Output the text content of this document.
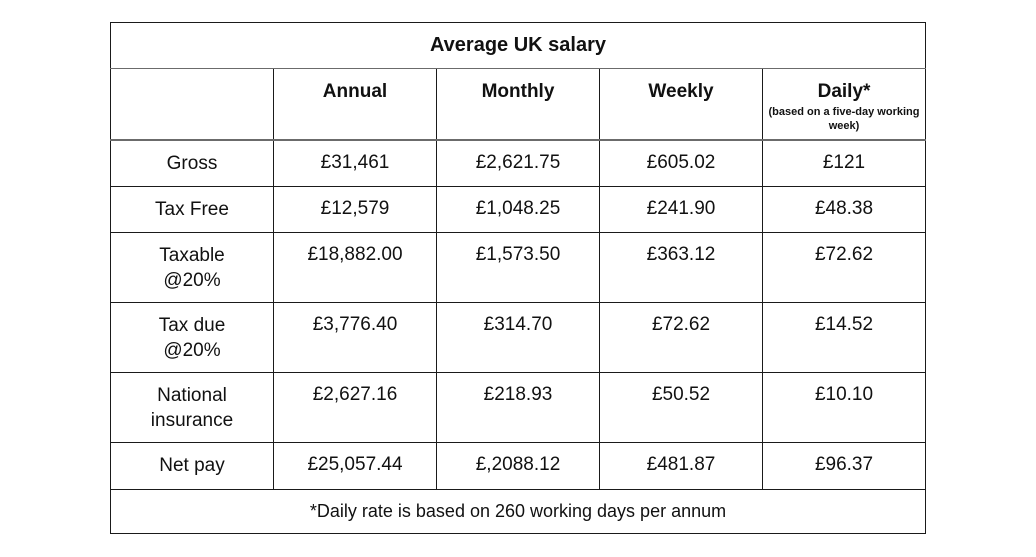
Average UK salary				
	Annual	Monthly	Weekly	Daily*
(based on a five-day working week)

Gross	£31,461	£2,621.75	£605.02	£121
Tax Free	£12,579	£1,048.25	£241.90	£48.38
Taxable
@20%	£18,882.00	£1,573.50	£363.12	£72.62
Tax due
@20%	£3,776.40	£314.70	£72.62	£14.52
National
insurance	£2,627.16	£218.93	£50.52	£10.10
Net pay	£25,057.44	£,2088.12	£481.87	£96.37
*Daily rate is based on 260 working days per annum				
